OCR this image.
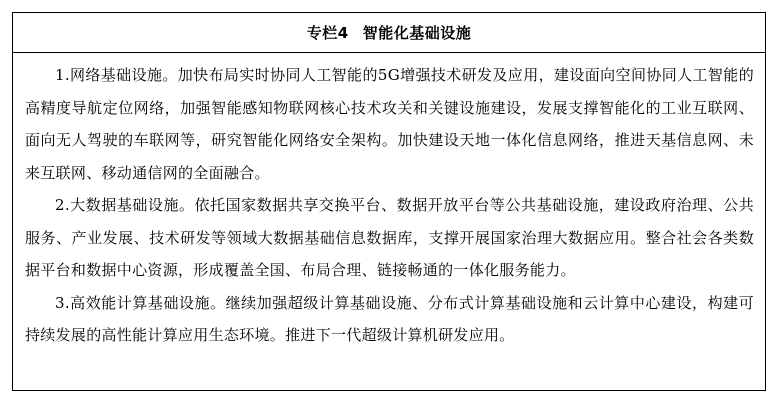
专栏4 智能化基础设施

1.网络基础设施。加快布局实时协同人工智能的5G增强技术研发及应用，建设面向空间协同人工智能的高精度导航定位网络，加强智能感知物联网核心技术攻关和关键设施建设，发展支撑智能化的工业互联网、面向无人驾驶的车联网等，研究智能化网络安全架构。加快建设天地一体化信息网络，推进天基信息网、未来互联网、移动通信网的全面融合。

2.大数据基础设施。依托国家数据共享交换平台、数据开放平台等公共基础设施，建设政府治理、公共服务、产业发展、技术研发等领域大数据基础信息数据库，支撑开展国家治理大数据应用。整合社会各类数据平台和数据中心资源，形成覆盖全国、布局合理、链接畅通的一体化服务能力。

3.高效能计算基础设施。继续加强超级计算基础设施、分布式计算基础设施和云计算中心建设，构建可持续发展的高性能计算应用生态环境。推进下一代超级计算机研发应用。
